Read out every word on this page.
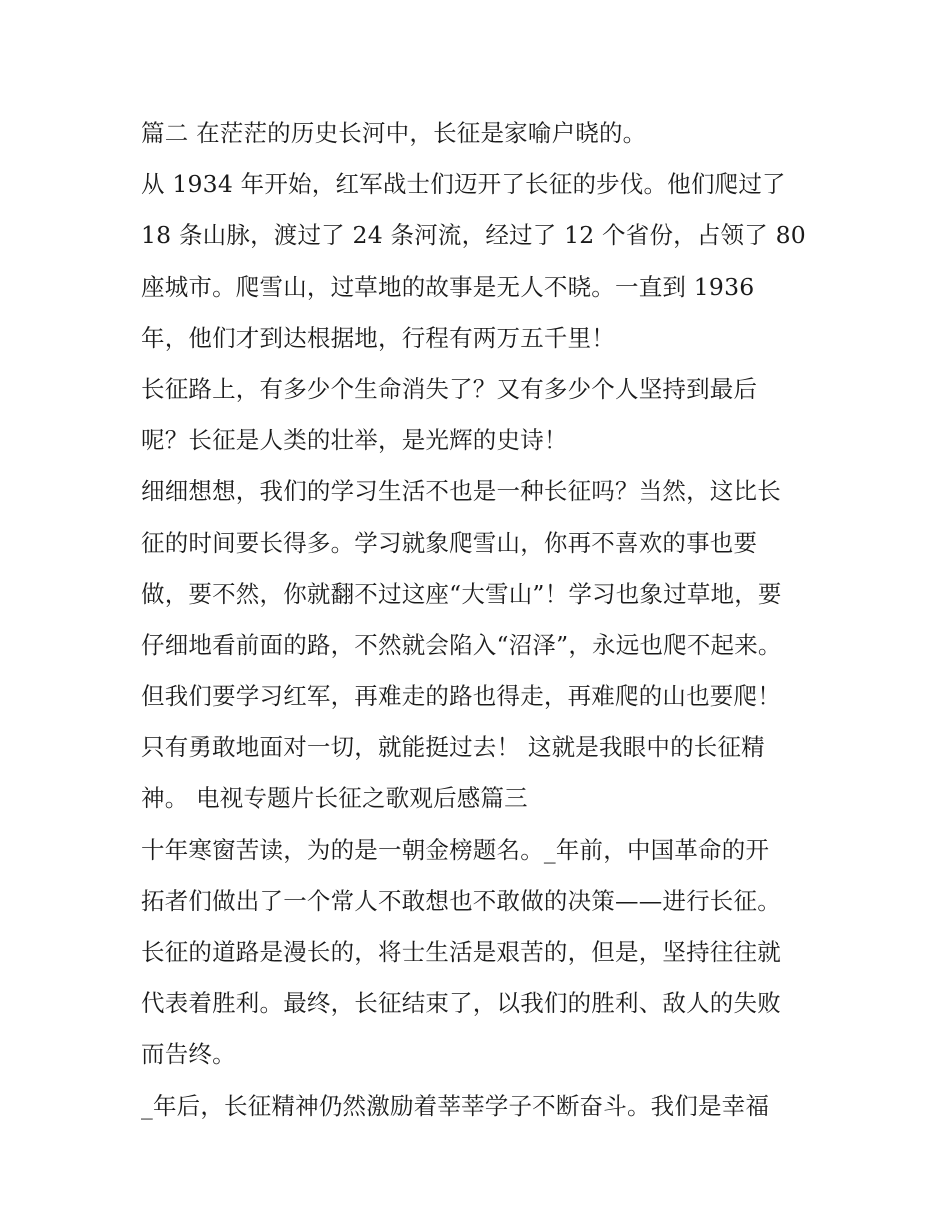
篇二 在茫茫的历史长河中，长征是家喻户晓的。
从 1934 年开始，红军战士们迈开了长征的步伐。他们爬过了
18 条山脉，渡过了 24 条河流，经过了 12 个省份，占领了 80
座城市。爬雪山，过草地的故事是无人不晓。一直到 1936
年，他们才到达根据地，行程有两万五千里！
长征路上，有多少个生命消失了？又有多少个人坚持到最后
呢？长征是人类的壮举，是光辉的史诗！
细细想想，我们的学习生活不也是一种长征吗？当然，这比长
征的时间要长得多。学习就象爬雪山，你再不喜欢的事也要
做，要不然，你就翻不过这座“大雪山”！学习也象过草地，要
仔细地看前面的路，不然就会陷入“沼泽”，永远也爬不起来。
但我们要学习红军，再难走的路也得走，再难爬的山也要爬！
只有勇敢地面对一切，就能挺过去！ 这就是我眼中的长征精
神。 电视专题片长征之歌观后感篇三
十年寒窗苦读，为的是一朝金榜题名。_年前，中国革命的开
拓者们做出了一个常人不敢想也不敢做的决策——进行长征。
长征的道路是漫长的，将士生活是艰苦的，但是，坚持往往就
代表着胜利。最终，长征结束了，以我们的胜利、敌人的失败
而告终。
_年后，长征精神仍然激励着莘莘学子不断奋斗。我们是幸福
